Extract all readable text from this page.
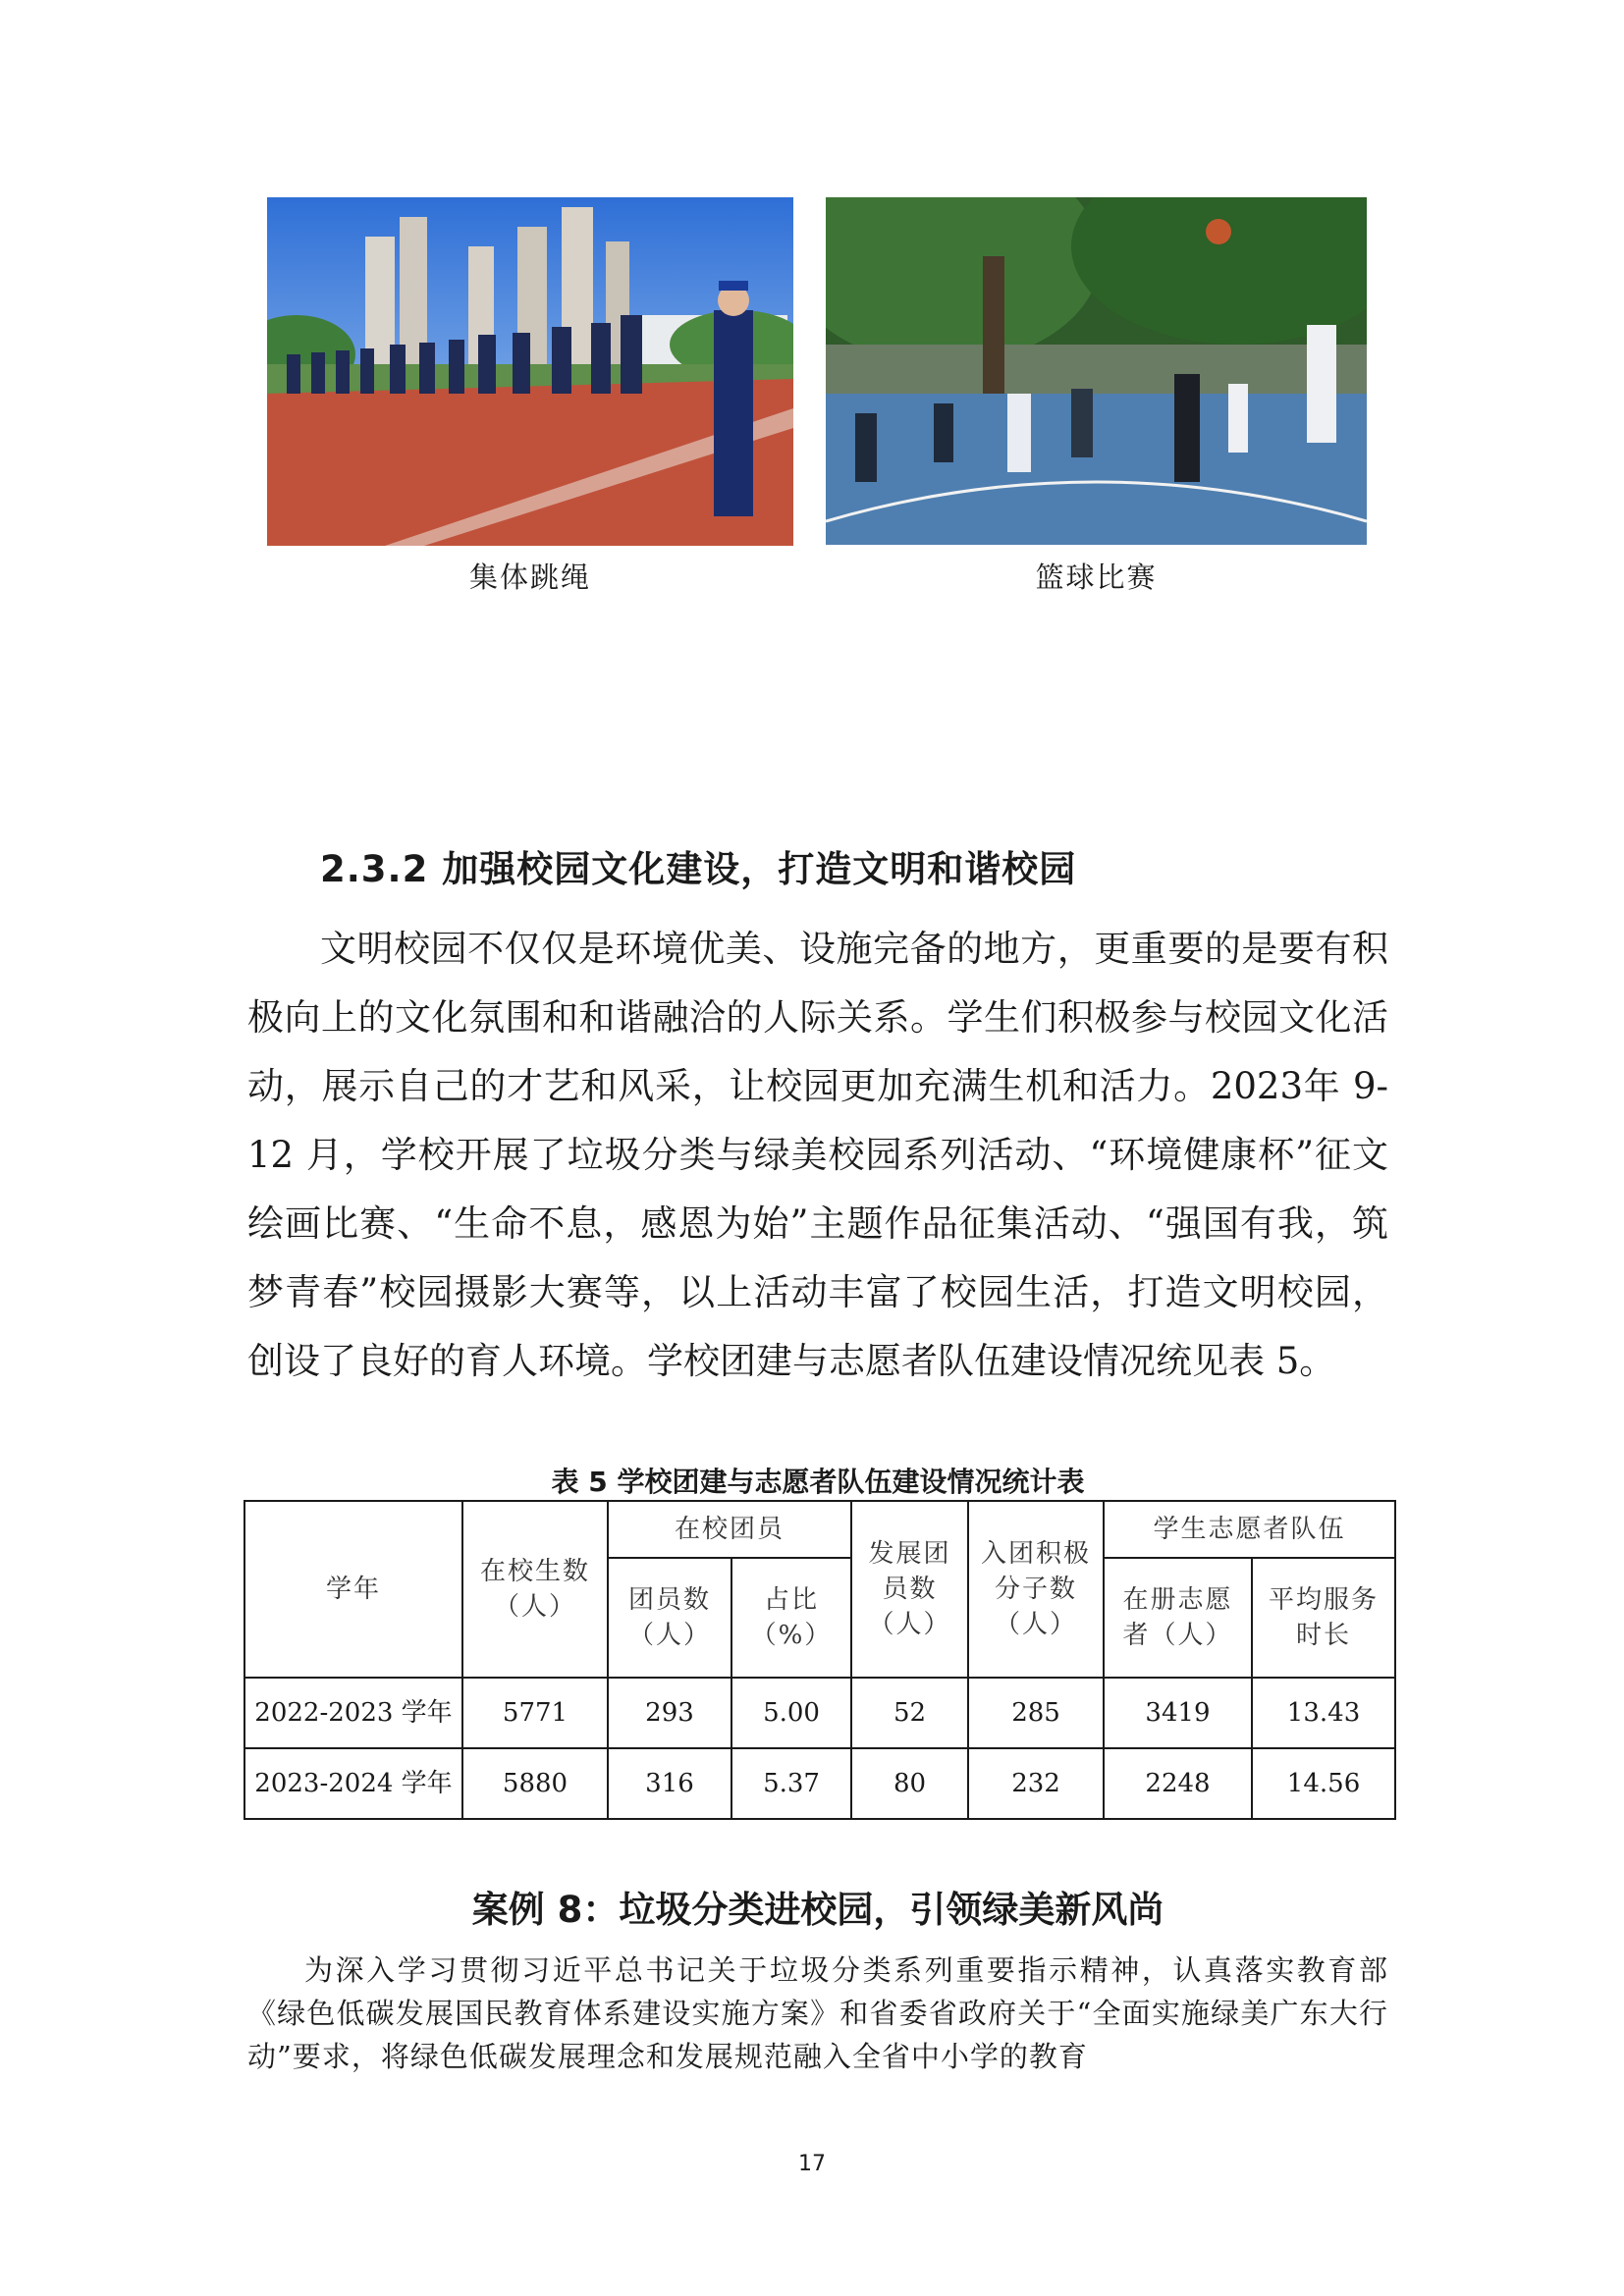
集体跳绳	篮球比赛
2.3.2 加强校园文化建设，打造文明和谐校园

文明校园不仅仅是环境优美、设施完备的地方，更重要的是要有积极向上的文化氛围和和谐融洽的人际关系。学生们积极参与校园文化活动，展示自己的才艺和风采，让校园更加充满生机和活力。2023年 9-12 月，学校开展了垃圾分类与绿美校园系列活动、“环境健康杯”征文绘画比赛、“生命不息，感恩为始”主题作品征集活动、“强国有我，筑梦青春”校园摄影大赛等，以上活动丰富了校园生活，打造文明校园，创设了良好的育人环境。学校团建与志愿者队伍建设情况统见表 5。

表 5 学校团建与志愿者队伍建设情况统计表
学年	在校生数（人）	在校团员		发展团员数（人）	入团积极分子数（人）	学生志愿者队伍	
		团员数（人）	占比（%）			在册志愿者（人）	平均服务时长
2022-2023 学年	5771	293	5.00	52	285	3419	13.43
2023-2024 学年	5880	316	5.37	80	232	2248	14.56
案例 8：垃圾分类进校园，引领绿美新风尚

为深入学习贯彻习近平总书记关于垃圾分类系列重要指示精神，认真落实教育部《绿色低碳发展国民教育体系建设实施方案》和省委省政府关于“全面实施绿美广东大行动”要求，将绿色低碳发展理念和发展规范融入全省中小学的教育

17
